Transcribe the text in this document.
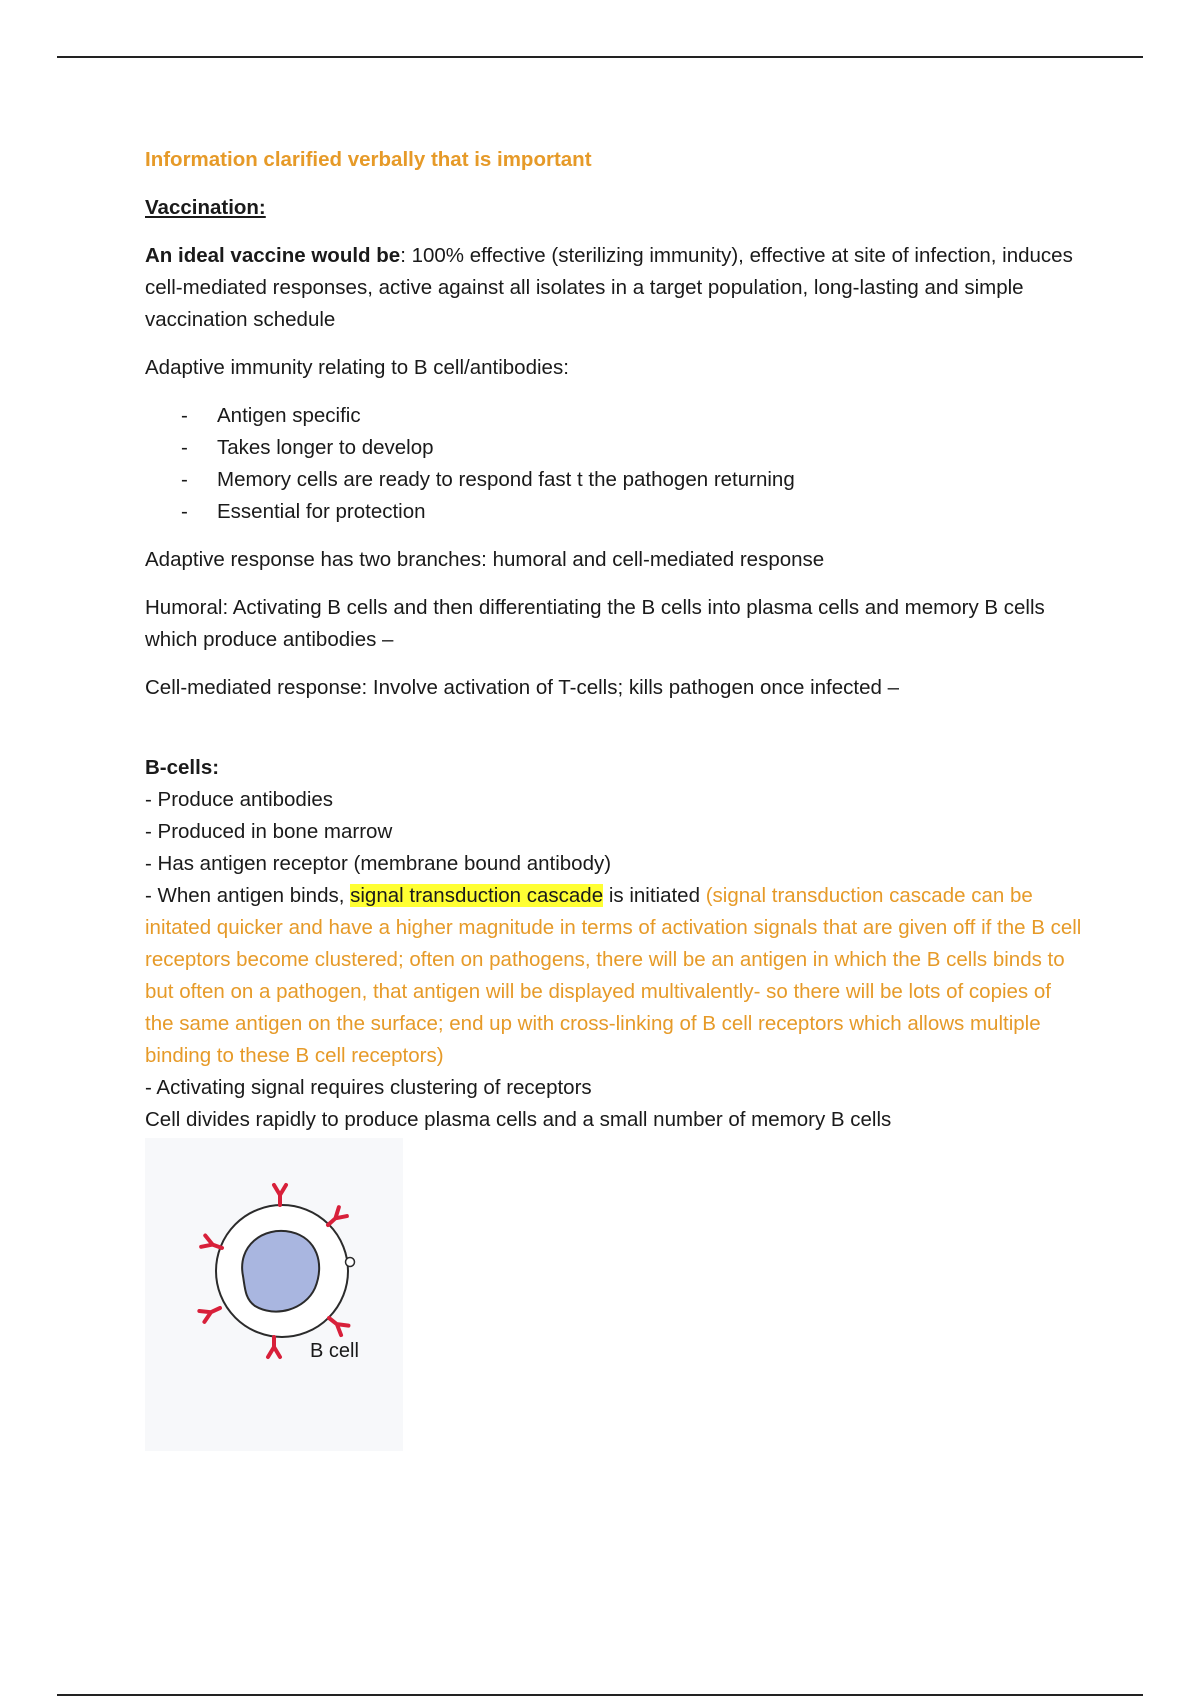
Information clarified verbally that is important
Vaccination:

An ideal vaccine would be: 100% effective (sterilizing immunity), effective at site of infection, induces cell-mediated responses, active against all isolates in a target population, long-lasting and simple vaccination schedule

Adaptive immunity relating to B cell/antibodies:

- Antigen specific
- Takes longer to develop
- Memory cells are ready to respond fast t the pathogen returning
- Essential for protection

Adaptive response has two branches: humoral and cell-mediated response

Humoral: Activating B cells and then differentiating the B cells into plasma cells and memory B cells which produce antibodies –

Cell-mediated response: Involve activation of T-cells; kills pathogen once infected –

B-cells:
- Produce antibodies
- Produced in bone marrow
- Has antigen receptor (membrane bound antibody)
- When antigen binds, signal transduction cascade is initiated (signal transduction cascade can be initated quicker and have a higher magnitude in terms of activation signals that are given off if the B cell receptors become clustered; often on pathogens, there will be an antigen in which the B cells binds to but often on a pathogen, that antigen will be displayed multivalently- so there will be lots of copies of the same antigen on the surface; end up with cross-linking of B cell receptors which allows multiple binding to these B cell receptors)
- Activating signal requires clustering of receptors
Cell divides rapidly to produce plasma cells and a small number of memory B cells
B cell
